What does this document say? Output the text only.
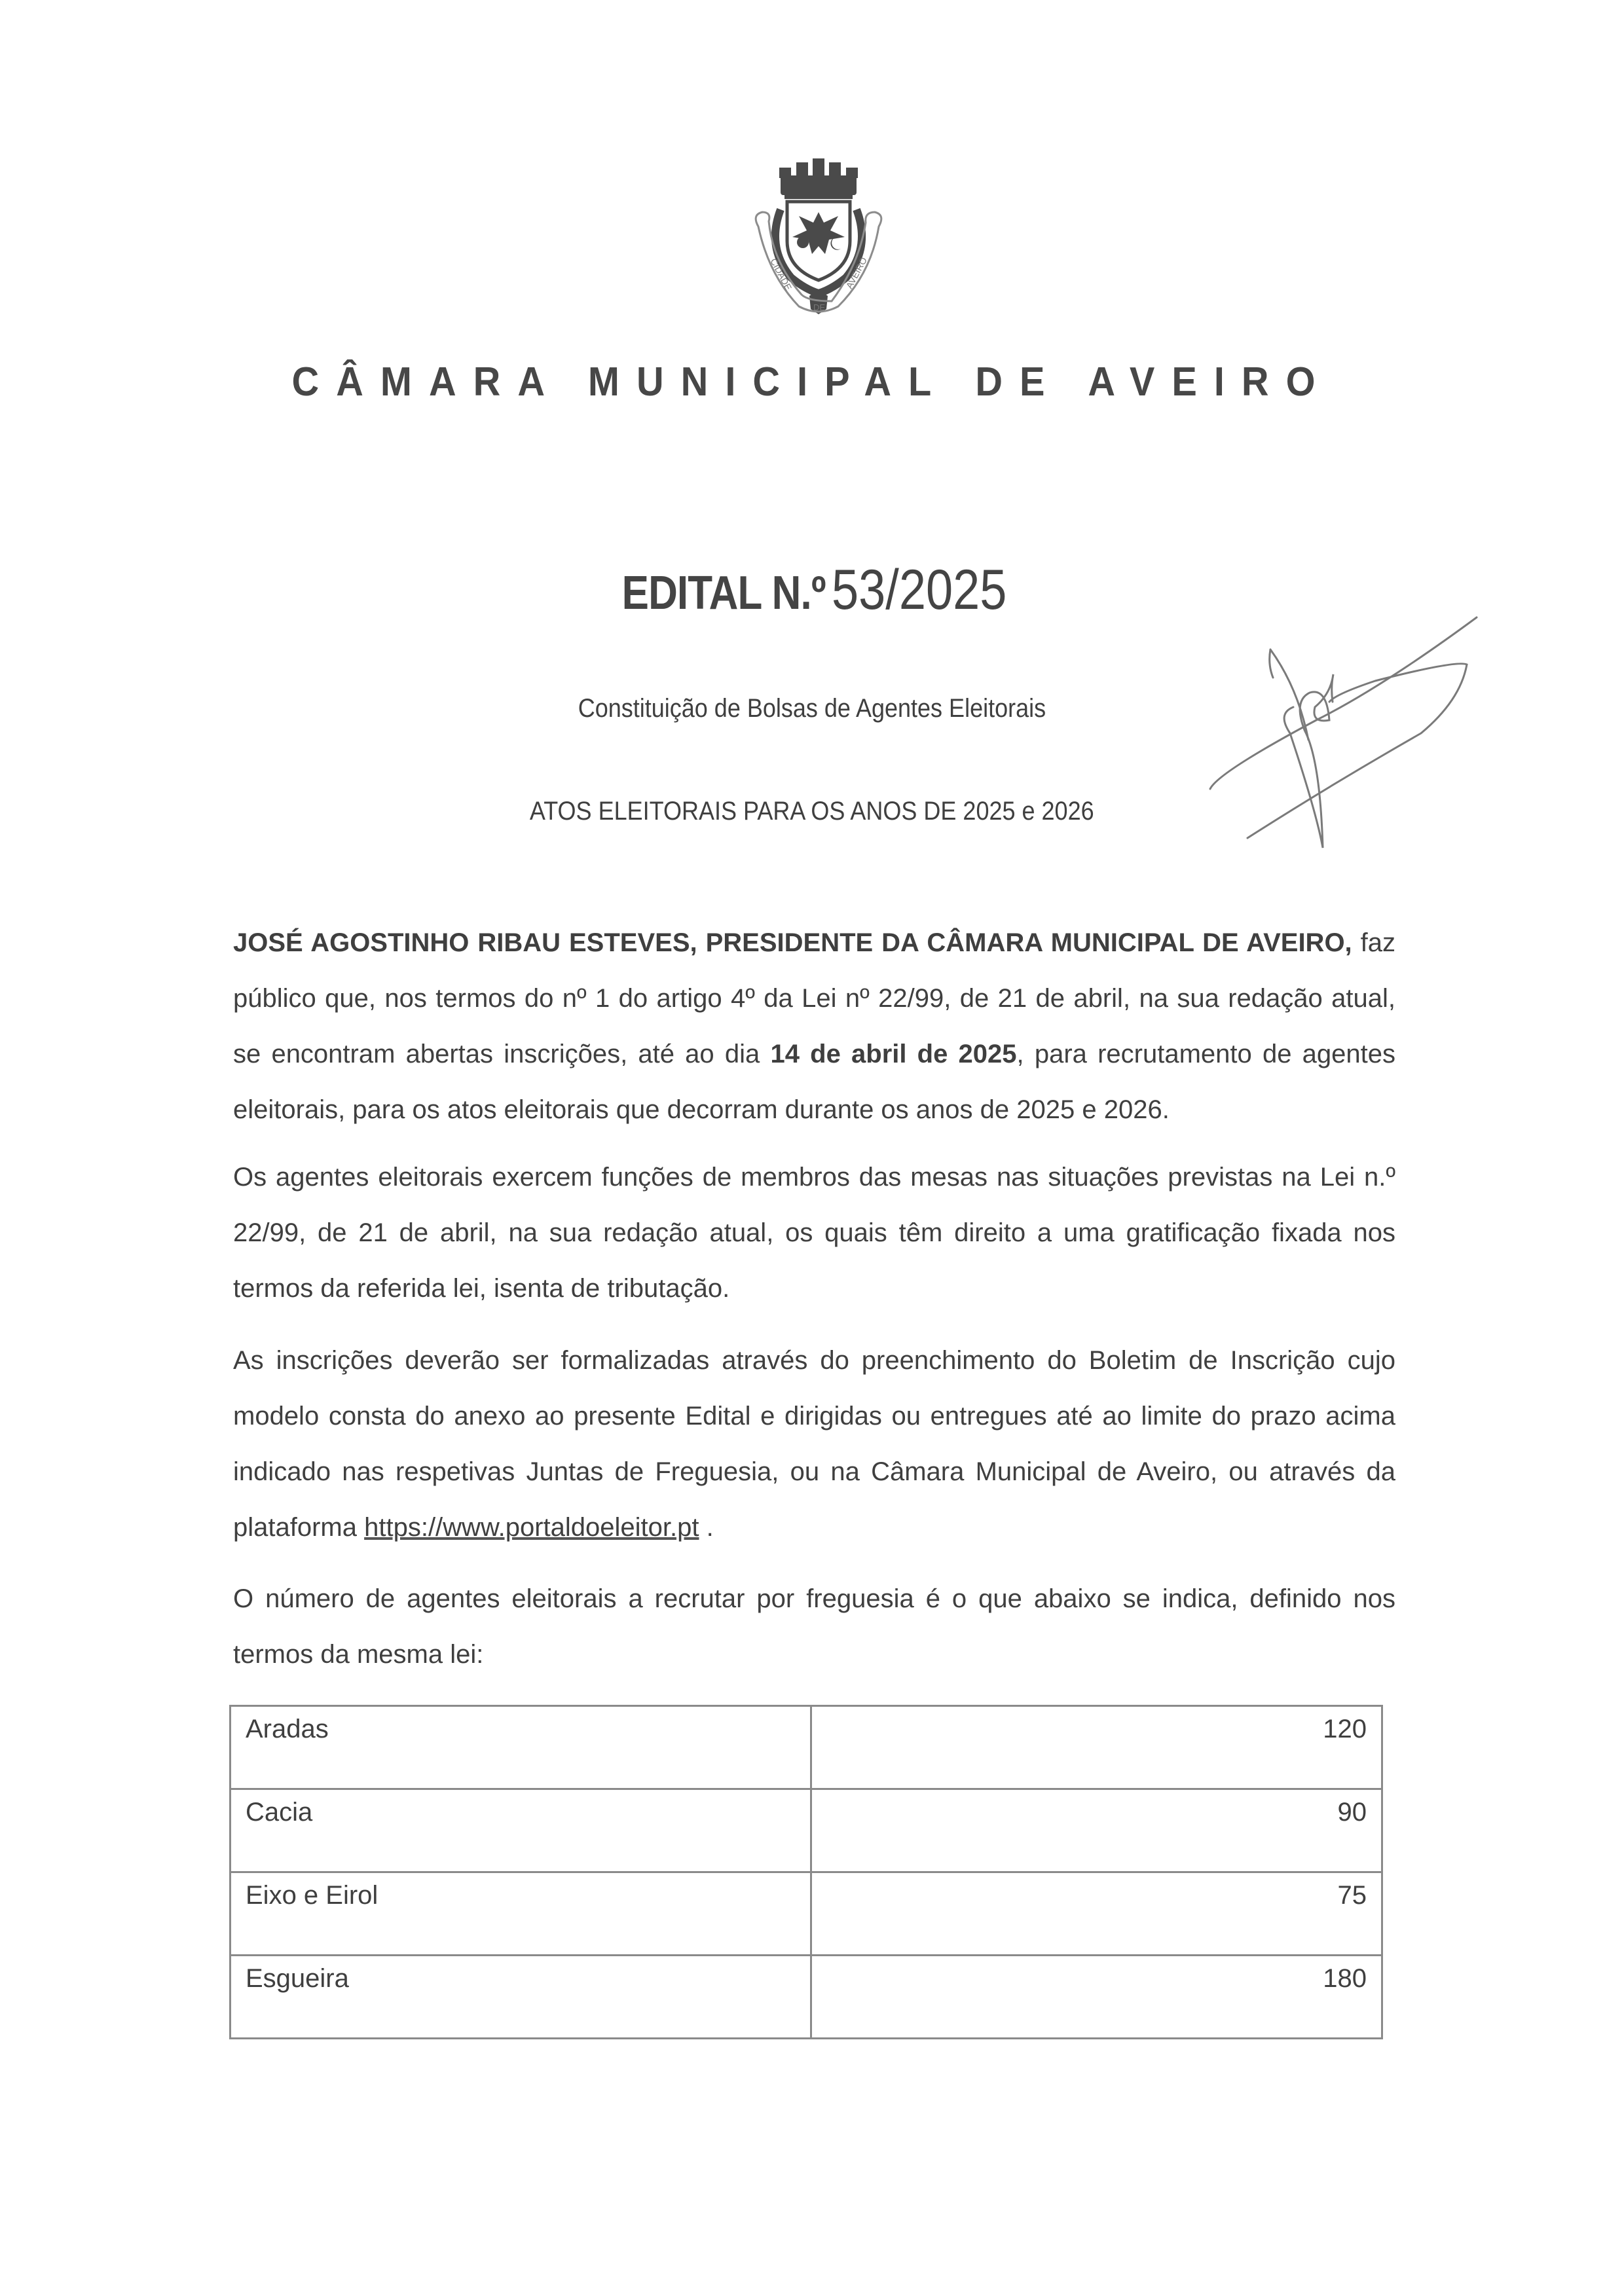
CIDADE
DE
AVEIRO
CÂMARA MUNICIPAL DE AVEIRO
EDITAL N.º 53/2025
Constituição de Bolsas de Agentes Eleitorais
ATOS ELEITORAIS PARA OS ANOS DE 2025 e 2026

JOSÉ AGOSTINHO RIBAU ESTEVES, PRESIDENTE DA CÂMARA MUNICIPAL DE AVEIRO, faz público que, nos termos do nº 1 do artigo 4º da Lei nº 22/99, de 21 de abril, na sua redação atual, se encontram abertas inscrições, até ao dia 14 de abril de 2025, para recrutamento de agentes eleitorais, para os atos eleitorais que decorram durante os anos de 2025 e 2026.

Os agentes eleitorais exercem funções de membros das mesas nas situações previstas na Lei n.º 22/99, de 21 de abril, na sua redação atual, os quais têm direito a uma gratificação fixada nos termos da referida lei, isenta de tributação.

As inscrições deverão ser formalizadas através do preenchimento do Boletim de Inscrição cujo modelo consta do anexo ao presente Edital e dirigidas ou entregues até ao limite do prazo acima indicado nas respetivas Juntas de Freguesia, ou na Câmara Municipal de Aveiro, ou através da plataforma https://www.portaldoeleitor.pt .

O número de agentes eleitorais a recrutar por freguesia é o que abaixo se indica, definido nos termos da mesma lei:

Aradas	120
Cacia	90
Eixo e Eirol	75
Esgueira	180
